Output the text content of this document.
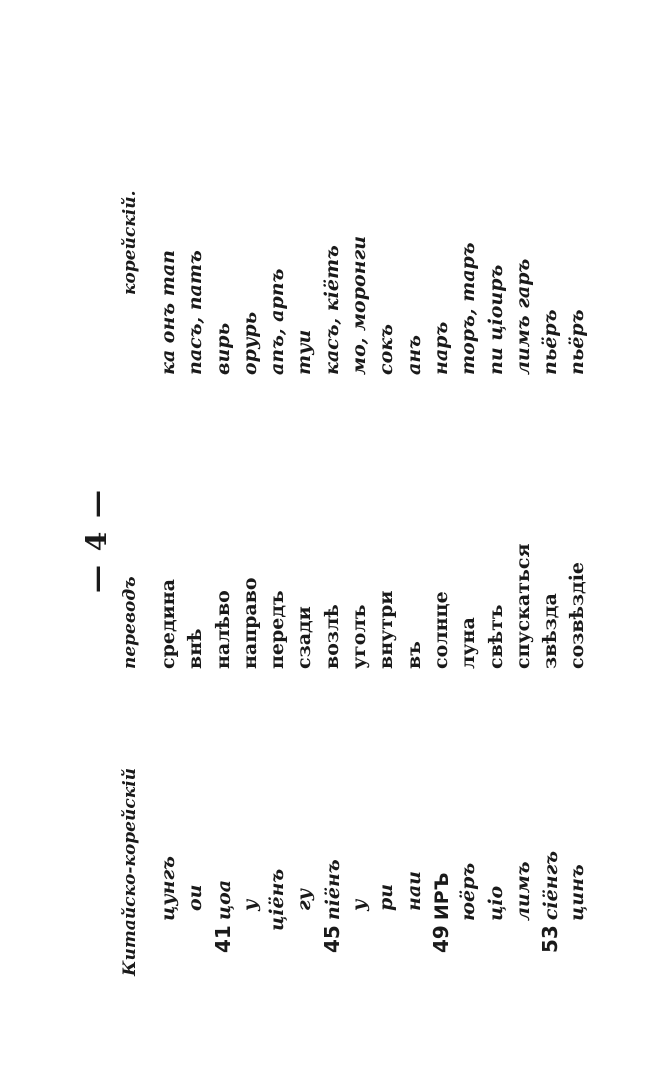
— 4 —
Китайско-корейскій
переводъ
корейскій.
цунгъ
средина
ка онъ тап
ои
внѣ
пасъ, патъ
41цоа
налѣво
вирь
у
направо
орурь
цiёнъ
передъ
апъ, арпъ
гу
сзади
туи
45пiёнъ
возлѣ
касъ, кiётъ
у
уголъ
мо, моронги
ри
внутри
сокъ
наи
въ
анъ
49ИРЪ
солнце
наръ
юёръ
луна
торъ, таръ
цiо
свѣтъ
пи цiоиръ
лимъ
спускаться
лимъ гаръ
53сiёнгъ
звѣзда
пьёръ
цинъ
созвѣздiе
пьёръ
